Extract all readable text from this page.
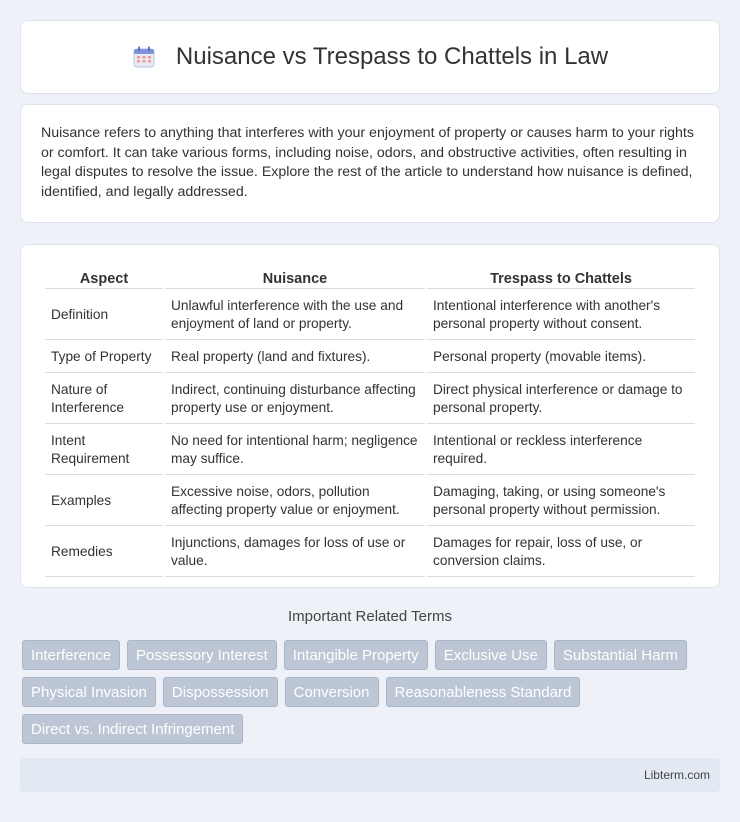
Nuisance vs Trespass to Chattels in Law

Nuisance refers to anything that interferes with your enjoyment of property or causes harm to your rights or comfort. It can take various forms, including noise, odors, and obstructive activities, often resulting in legal disputes to resolve the issue. Explore the rest of the article to understand how nuisance is defined, identified, and legally addressed.

Aspect	Nuisance	Trespass to Chattels
Definition	Unlawful interference with the use and enjoyment of land or property.	Intentional interference with another's personal property without consent.
Type of Property	Real property (land and fixtures).	Personal property (movable items).
Nature of Interference	Indirect, continuing disturbance affecting property use or enjoyment.	Direct physical interference or damage to personal property.
Intent Requirement	No need for intentional harm; negligence may suffice.	Intentional or reckless interference required.
Examples	Excessive noise, odors, pollution affecting property value or enjoyment.	Damaging, taking, or using someone's personal property without permission.
Remedies	Injunctions, damages for loss of use or value.	Damages for repair, loss of use, or conversion claims.
Important Related Terms
Interference	Possessory Interest	Intangible Property	Exclusive Use	Substantial Harm
Physical Invasion	Dispossession	Conversion	Reasonableness Standard
Direct vs. Indirect Infringement
Libterm.com
